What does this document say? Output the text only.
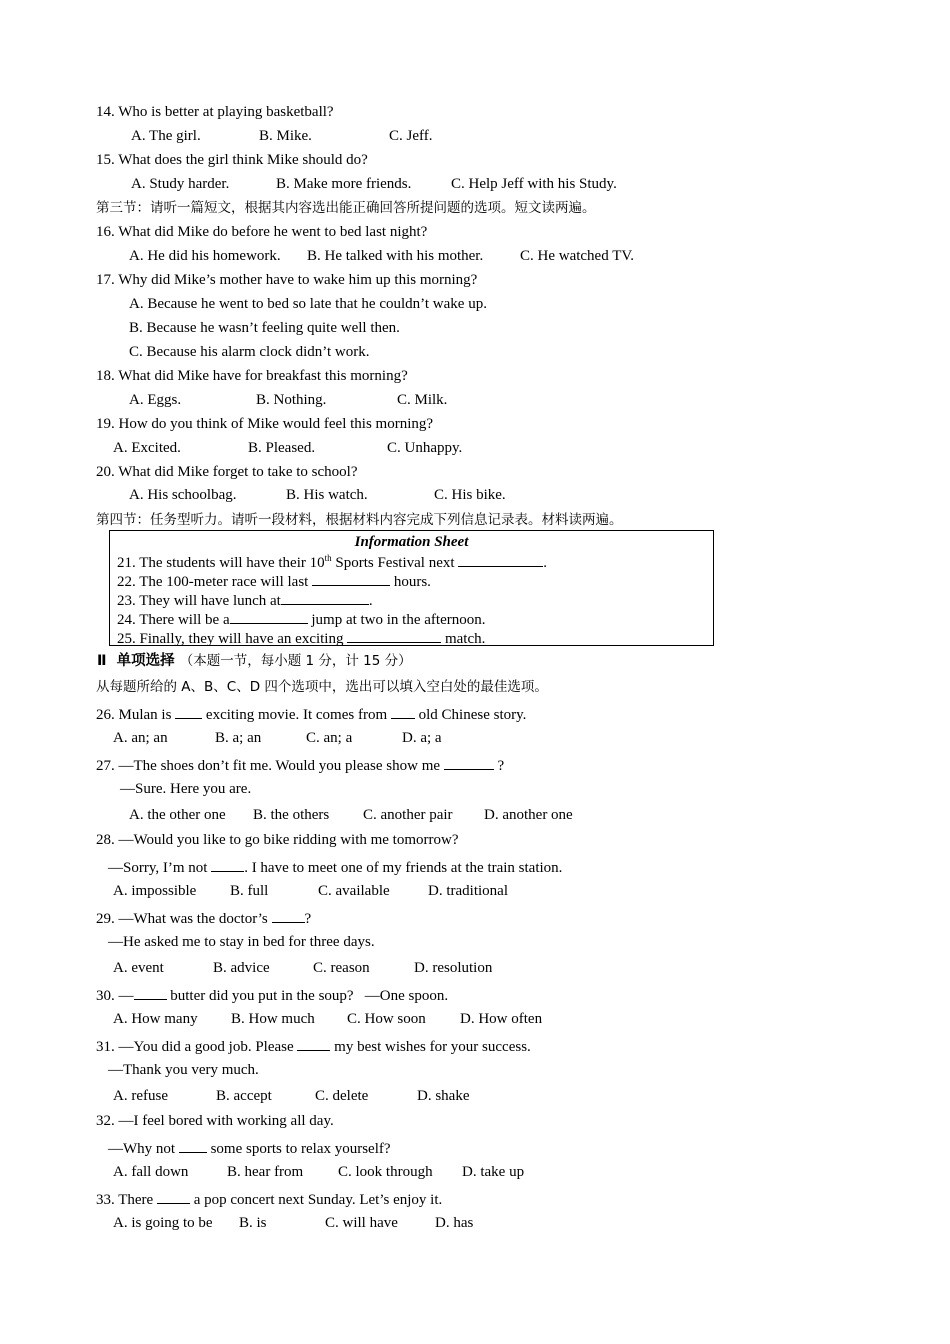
14. Who is better at playing basketball?
A. The girl.	B. Mike.	C. Jeff.
15. What does the girl think Mike should do?
A. Study harder.	B. Make more friends.	C. Help Jeff with his Study.
第三节：请听一篇短文，根据其内容选出能正确回答所提问题的选项。短文读两遍。
16. What did Mike do before he went to bed last night?
A. He did his homework. B. He talked with his mother. C. He watched TV.
17. Why did Mike’s mother have to wake him up this morning?
A. Because he went to bed so late that he couldn’t wake up.
B. Because he wasn’t feeling quite well then.
C. Because his alarm clock didn’t work.
18. What did Mike have for breakfast this morning?
A. Eggs.	B. Nothing.	C. Milk.
19. How do you think of Mike would feel this morning?
A. Excited.	B. Pleased.	C. Unhappy.
20. What did Mike forget to take to school?
A. His schoolbag.	B. His watch.	C. His bike.
第四节：任务型听力。请听一段材料，根据材料内容完成下列信息记录表。材料读两遍。
Information Sheet
21. The students will have their 10th Sports Festival next	.
22. The 100-meter race will last	hours.
23. They will have lunch at	.
24. There will be a	jump at two in the afternoon.
25. Finally, they will have an exciting	match.
Ⅱ  单项选择 （本题一节，每小题 1 分，计 15 分）
从每题所给的 A、B、C、D 四个选项中，选出可以填入空白处的最佳选项。
26. Mulan is  exciting movie. It comes from  old Chinese story.
A. an; an	B. a; an	C. an; a	D. a; a
27. —The shoes don’t fit me. Would you please show me	?
—Sure. Here you are.
A. the other one B. the others C. another pair D. another one
28. —Would you like to go bike ridding with me tomorrow?
—Sorry, I’m not . I have to meet one of my friends at the train station.
A. impossible B. full	C. available	D. traditional
29. —What was the doctor’s ?
—He asked me to stay in bed for three days.
A. event	B. advice	C. reason	D. resolution
30. — butter did you put in the soup?   —One spoon.
A. How many B. How much C. How soon D. How often
31. —You did a good job. Please  my best wishes for your success.
—Thank you very much.
A. refuse	B. accept	C. delete	D. shake
32. —I feel bored with working all day.
—Why not  some sports to relax yourself?
A. fall down	B. hear from C. look through D. take up
33. There  a pop concert next Sunday. Let’s enjoy it.
A. is going to be B. is	C. will have D. has
